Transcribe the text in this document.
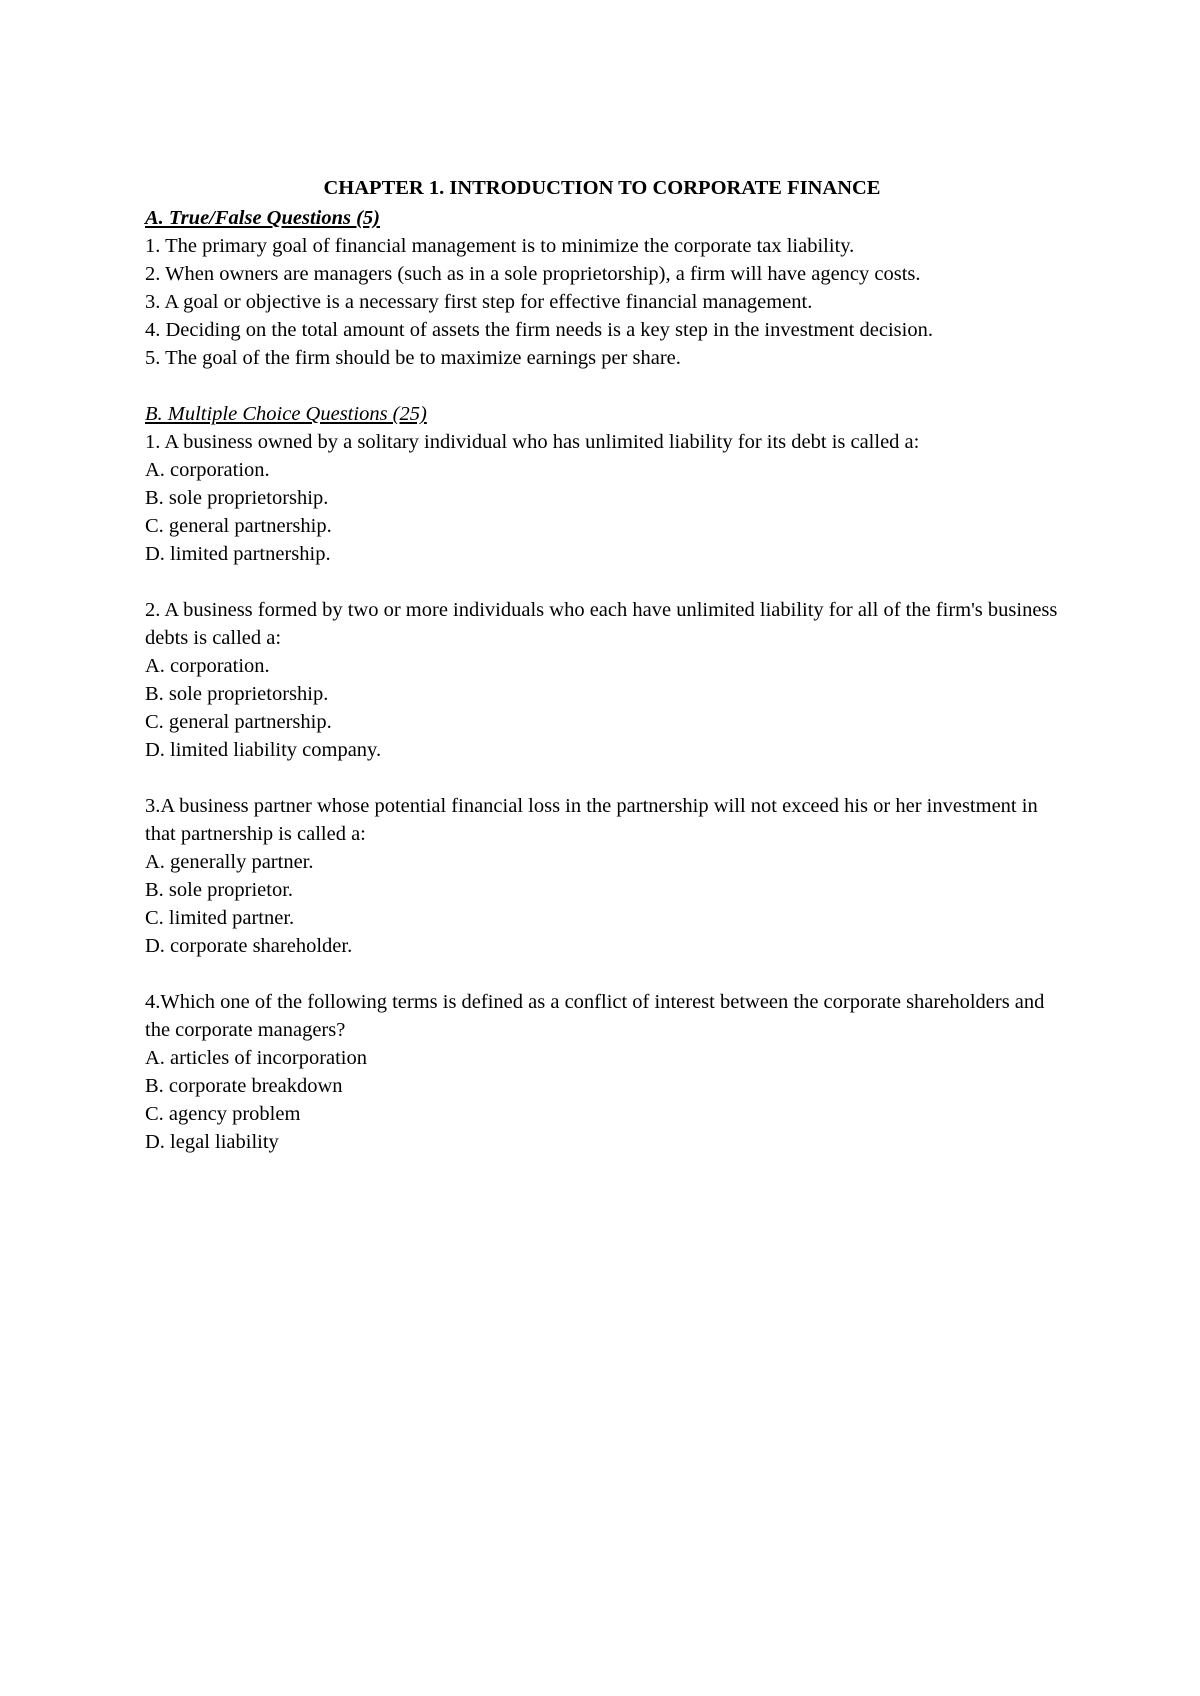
CHAPTER 1. INTRODUCTION TO CORPORATE FINANCE

A. True/False Questions (5)

1. The primary goal of financial management is to minimize the corporate tax liability.

2. When owners are managers (such as in a sole proprietorship), a firm will have agency costs.

3. A goal or objective is a necessary first step for effective financial management.

4. Deciding on the total amount of assets the firm needs is a key step in the investment decision.

5. The goal of the firm should be to maximize earnings per share.

B. Multiple Choice Questions (25)

1. A business owned by a solitary individual who has unlimited liability for its debt is called a:

A. corporation.

B. sole proprietorship.

C. general partnership.

D. limited partnership.

2. A business formed by two or more individuals who each have unlimited liability for all of the firm's business debts is called a:

A. corporation.

B. sole proprietorship.

C. general partnership.

D. limited liability company.

3.A business partner whose potential financial loss in the partnership will not exceed his or her investment in that partnership is called a:

A. generally partner.

B. sole proprietor.

C. limited partner.

D. corporate shareholder.

4.Which one of the following terms is defined as a conflict of interest between the corporate shareholders and the corporate managers?

A. articles of incorporation

B. corporate breakdown

C. agency problem

D. legal liability
